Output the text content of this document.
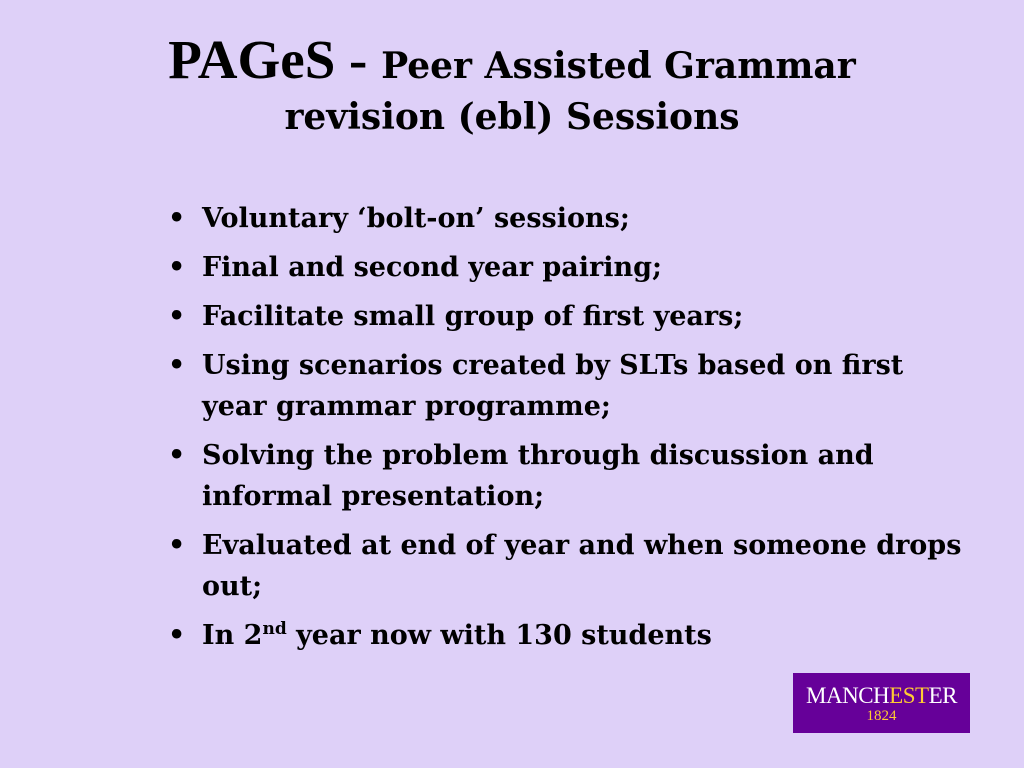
PAGeS - Peer Assisted Grammar
revision (ebl) Sessions
• Voluntary ‘bolt-on’ sessions;
• Final and second year pairing;
• Facilitate small group of first years;
• Using scenarios created by SLTs based on first year grammar programme;
• Solving the problem through discussion and informal presentation;
• Evaluated at end of year and when someone drops out;
• In 2nd year now with 130 students
MANCHESTER
1824
